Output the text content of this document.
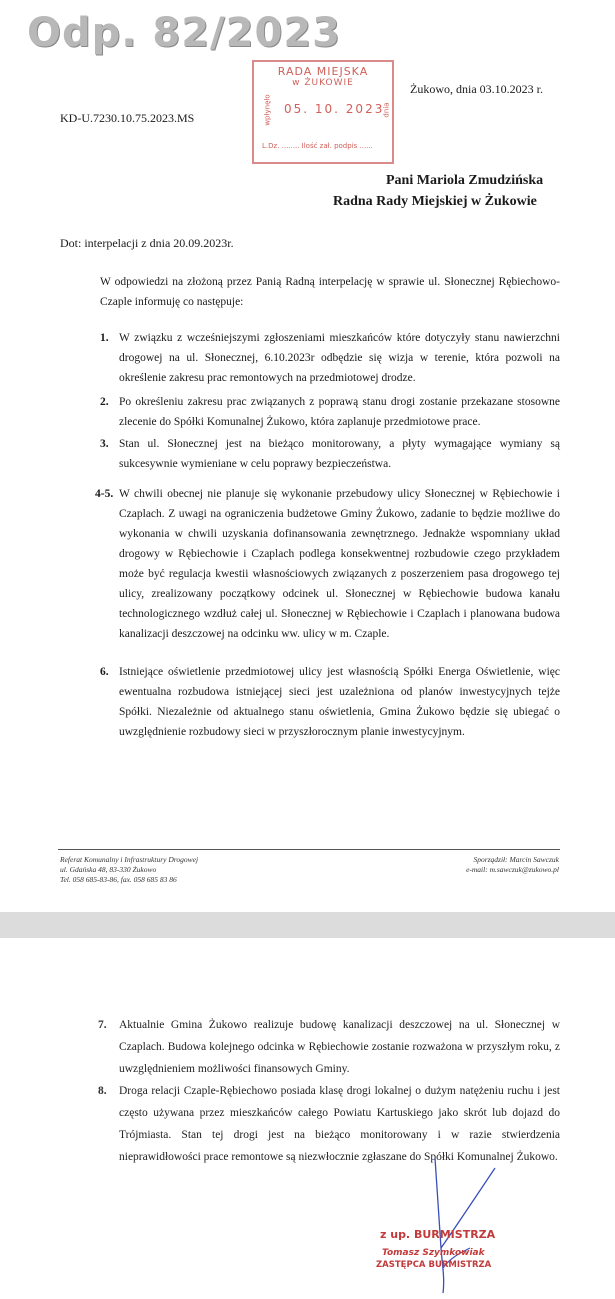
Odp. 82/2023
RADA MIEJSKA
w ŻUKOWIE
wpłynęło 05. 10. 2023
dnia
L.Dz. ........ Ilość zał. podpis ......
Żukowo, dnia 03.10.2023 r.
KD-U.7230.10.75.2023.MS
Pani Mariola Zmudzińska
Radna Rady Miejskiej w Żukowie
Dot: interpelacji z dnia 20.09.2023r.
W odpowiedzi na złożoną przez Panią Radną interpelację w sprawie ul. Słonecznej Rębiechowo-Czaple informuję co następuje:
1. W związku z wcześniejszymi zgłoszeniami mieszkańców które dotyczyły stanu nawierzchni drogowej na ul. Słonecznej, 6.10.2023r odbędzie się wizja w terenie, która pozwoli na określenie zakresu prac remontowych na przedmiotowej drodze.
2. Po określeniu zakresu prac związanych z poprawą stanu drogi zostanie przekazane stosowne zlecenie do Spółki Komunalnej Żukowo, która zaplanuje przedmiotowe prace.
3. Stan ul. Słonecznej jest na bieżąco monitorowany, a płyty wymagające wymiany są sukcesywnie wymieniane w celu poprawy bezpieczeństwa.
4-5. W chwili obecnej nie planuje się wykonanie przebudowy ulicy Słonecznej w Rębiechowie i Czaplach. Z uwagi na ograniczenia budżetowe Gminy Żukowo, zadanie to będzie możliwe do wykonania w chwili uzyskania dofinansowania zewnętrznego. Jednakże wspomniany układ drogowy w Rębiechowie i Czaplach podlega konsekwentnej rozbudowie czego przykładem może być regulacja kwestii własnościowych związanych z poszerzeniem pasa drogowego tej ulicy, zrealizowany początkowy odcinek ul. Słonecznej w Rębiechowie budowa kanału technologicznego wzdłuż całej ul. Słonecznej w Rębiechowie i Czaplach i planowana budowa kanalizacji deszczowej na odcinku ww. ulicy w m. Czaple.
6. Istniejące oświetlenie przedmiotowej ulicy jest własnością Spółki Energa Oświetlenie, więc ewentualna rozbudowa istniejącej sieci jest uzależniona od planów inwestycyjnych tejże Spółki. Niezależnie od aktualnego stanu oświetlenia, Gmina Żukowo będzie się ubiegać o uwzględnienie rozbudowy sieci w przyszłorocznym planie inwestycyjnym.
Referat Komunalny i Infrastruktury Drogowej
ul. Gdańska 48, 83-330 Żukowo
Tel. 058 685-83-86, fax. 058 685 83 86
Sporządził: Marcin Sawczuk
e-mail: m.sawczuk@zukowo.pl
7. Aktualnie Gmina Żukowo realizuje budowę kanalizacji deszczowej na ul. Słonecznej w Czaplach. Budowa kolejnego odcinka w Rębiechowie zostanie rozważona w przyszłym roku, z uwzględnieniem możliwości finansowych Gminy.
8. Droga relacji Czaple-Rębiechowo posiada klasę drogi lokalnej o dużym natężeniu ruchu i jest często używana przez mieszkańców całego Powiatu Kartuskiego jako skrót lub dojazd do Trójmiasta. Stan tej drogi jest na bieżąco monitorowany i w razie stwierdzenia nieprawidłowości prace remontowe są niezwłocznie zgłaszane do Spółki Komunalnej Żukowo.
z up. BURMISTRZA
Tomasz Szymkowiak
ZASTĘPCA BURMISTRZA
